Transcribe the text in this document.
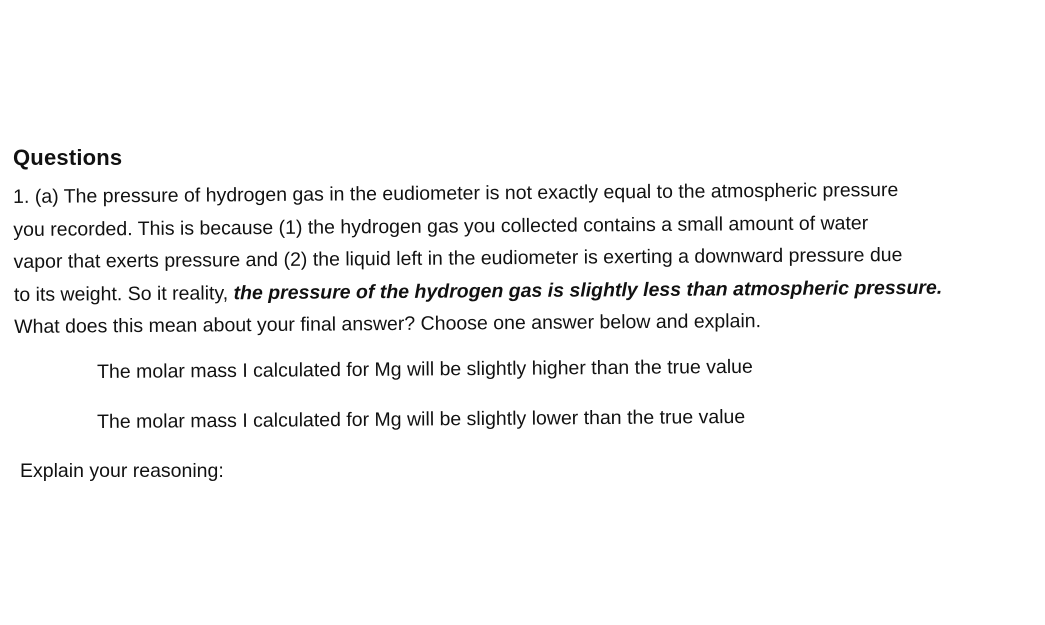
Questions
1. (a) The pressure of hydrogen gas in the eudiometer is not exactly equal to the atmospheric pressure
you recorded. This is because (1) the hydrogen gas you collected contains a small amount of water
vapor that exerts pressure and (2) the liquid left in the eudiometer is exerting a downward pressure due
to its weight. So it reality, the pressure of the hydrogen gas is slightly less than atmospheric pressure.
What does this mean about your final answer? Choose one answer below and explain.
The molar mass I calculated for Mg will be slightly higher than the true value
The molar mass I calculated for Mg will be slightly lower than the true value
Explain your reasoning:
